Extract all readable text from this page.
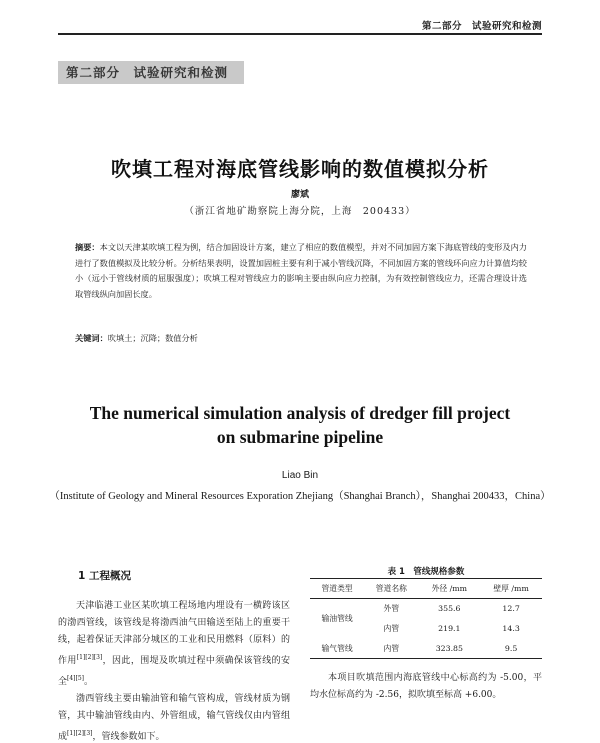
第二部分　试验研究和检测
第二部分　试验研究和检测
吹填工程对海底管线影响的数值模拟分析
廖斌
（浙江省地矿勘察院上海分院，上海　200433）
摘要：本文以天津某吹填工程为例，结合加固设计方案，建立了相应的数值模型，并对不同加固方案下海底管线的变形及内力进行了数值模拟及比较分析。分析结果表明，设置加固桩主要有利于减小管线沉降，不同加固方案的管线环向应力计算值均较小（远小于管线材质的屈服强度）；吹填工程对管线应力的影响主要由纵向应力控制，为有效控制管线应力，还需合理设计选取管线纵向加固长度。
关键词：吹填土；沉降；数值分析
The numerical simulation analysis of dredger fill project
on submarine pipeline
Liao Bin
（Institute of Geology and Mineral Resources Exporation Zhejiang（Shanghai Branch），Shanghai 200433，China）
1 工程概况

天津临港工业区某吹填工程场地内埋设有一横跨该区的渤西管线，该管线是将渤西油气田输送至陆上的重要干线，起着保证天津部分城区的工业和民用燃料（原料）的作用[1][2][3]，因此，围堤及吹填过程中须确保该管线的安全[4][5]。

渤西管线主要由输油管和输气管构成，管线材质为钢管，其中输油管线由内、外管组成，输气管线仅由内管组成[1][2][3]，管线参数如下。

表 1　管线规格参数
管道类型	管道名称	外径 /mm	壁厚 /mm
输油管线	外管	355.6	12.7
	内管	219.1	14.3
输气管线	内管	323.85	9.5

本项目吹填范围内海底管线中心标高约为 -5.00，平均水位标高约为 -2.56，拟吹填至标高 +6.00。
